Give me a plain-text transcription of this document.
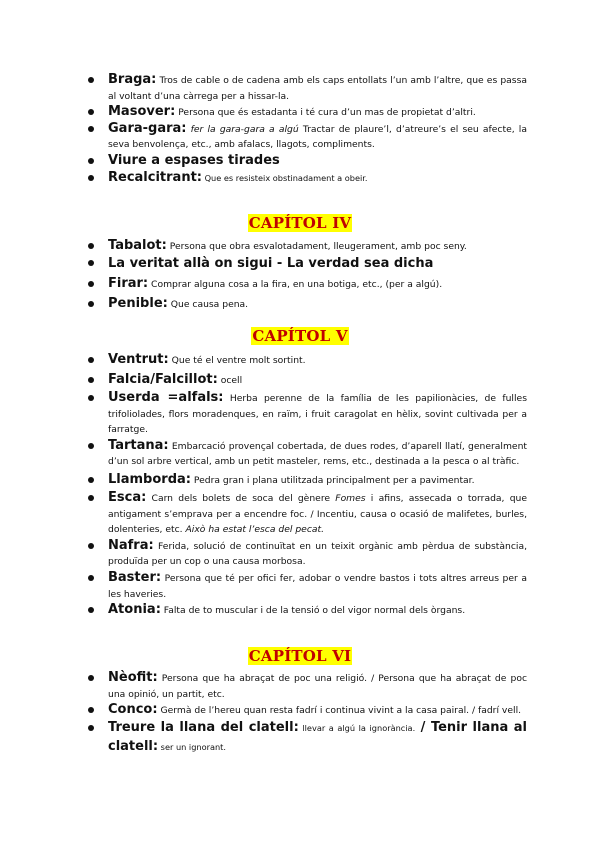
Braga: Tros de cable o de cadena amb els caps entollats l’un amb l’altre, que es passa al voltant d’una càrrega per a hissar-la.
Masover: Persona que és estadanta i té cura d’un mas de propietat d’altri.
Gara-gara: fer la gara-gara a algú Tractar de plaure’l, d’atreure’s el seu afecte, la seva benvolença, etc., amb afalacs, llagots, compliments.
Viure a espases tirades
Recalcitrant: Que es resisteix obstinadament a obeir.
CAPÍTOL IV
Tabalot: Persona que obra esvalotadament, lleugerament, amb poc seny.
La veritat allà on sigui - La verdad sea dicha
Firar: Comprar alguna cosa a la fira, en una botiga, etc., (per a algú).
Penible: Que causa pena.
CAPÍTOL V
Ventrut: Que té el ventre molt sortint.
Falcia/Falcillot: ocell
Userda =alfals: Herba perenne de la família de les papilionàcies, de fulles trifoliolades, flors moradenques, en raïm, i fruit caragolat en hèlix, sovint cultivada per a farratge.
Tartana: Embarcació provençal cobertada, de dues rodes, d’aparell llatí, generalment d’un sol arbre vertical, amb un petit masteler, rems, etc., destinada a la pesca o al tràfic.
Llamborda: Pedra gran i plana utilitzada principalment per a pavimentar.
Esca: Carn dels bolets de soca del gènere Fomes i afins, assecada o torrada, que antigament s’emprava per a encendre foc. / Incentiu, causa o ocasió de malifetes, burles, dolenteries, etc. Això ha estat l’esca del pecat.
Nafra: Ferida, solució de continuïtat en un teixit orgànic amb pèrdua de substància, produïda per un cop o una causa morbosa.
Baster: Persona que té per ofici fer, adobar o vendre bastos i tots altres arreus per a les haveries.
Atonia: Falta de to muscular i de la tensió o del vigor normal dels òrgans.
CAPÍTOL VI
Nèofit: Persona que ha abraçat de poc una religió. / Persona que ha abraçat de poc una opinió, un partit, etc.
Conco: Germà de l’hereu quan resta fadrí i continua vivint a la casa pairal. / fadrí vell.
Treure la llana del clatell: llevar a algú la ignorància. / Tenir llana al clatell: ser un ignorant.
